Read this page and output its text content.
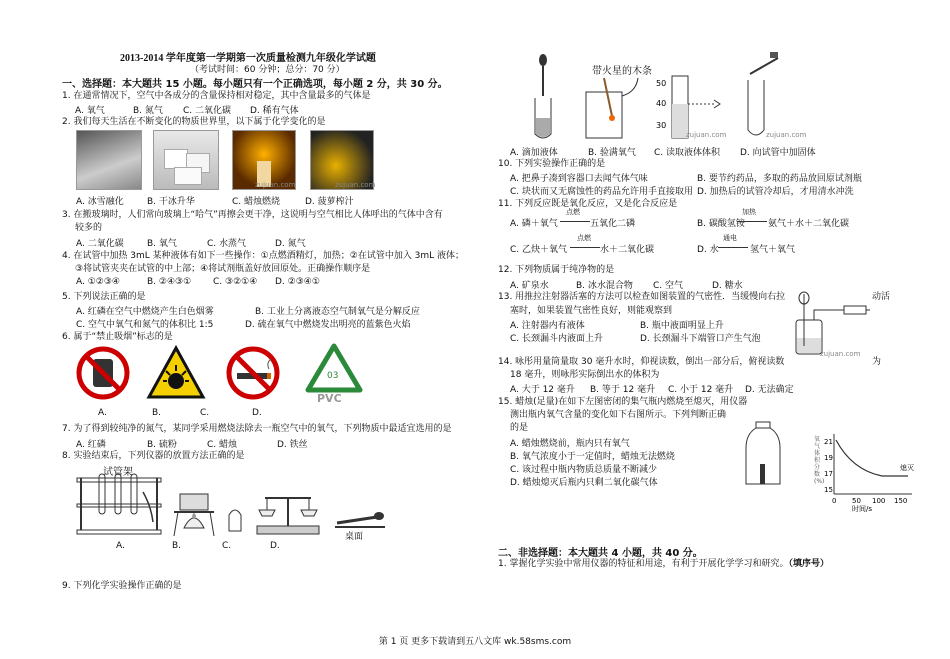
2013-2014 学年度第一学期第一次质量检测九年级化学试题
（考试时间：60 分钟；总分：70 分）
一、选择题：本大题共 15 小题。每小题只有一个正确选项，每小题 2 分，共 30 分。
1. 在通常情况下，空气中各成分的含量保持相对稳定，其中含量最多的气体是
A. 氧气	B. 氮气 C. 二氧化碳 D. 稀有气体
2. 我们每天生活在不断变化的物质世界里，以下属于化学变化的是
zujuan.com	zujuan.com
A. 冰雪融化	B. 干冰升华	C. 蜡烛燃烧	D. 菠萝榨汁
3. 在搬玻璃时，人们常向玻璃上“哈气”再擦会更干净，这说明与空气相比人体呼出的气体中含有
较多的
A. 二氧化碳	B. 氧气	C. 水蒸气	D. 氮气
4. 在试管中加热 3mL 某种液体有如下一些操作：①点燃酒精灯，加热；②在试管中加入 3mL 液体；
③将试管夹夹在试管的中上部；④将试剂瓶盖好放回原处。正确操作顺序是
A. ①②③④	B. ②④③① C. ③②①④ D. ②③④①
5. 下列说法正确的是
A. 红磷在空气中燃烧产生白色烟雾	B. 工业上分离液态空气制氧气是分解反应
C. 空气中氧气和氮气的体积比 1:5	D. 硫在氧气中燃烧发出明亮的蓝紫色火焰
6. 属于“禁止吸烟”标志的是
03
PVC
A.	B.	C.	D.
7. 为了得到较纯净的氮气，某同学采用燃烧法除去一瓶空气中的氧气，下列物质中最适宜选用的是
A. 红磷	B. 硫粉	C. 蜡烛	D. 铁丝
8. 实验结束后，下列仪器的放置方法正确的是
试管架
桌面
A.	B.	C.	D.
9. 下列化学实验操作正确的是
带火星的木条
50
40
30
zujuan.com	zujuan.com
A. 滴加液体	B. 验满氧气 C. 读取液体体积 D. 向试管中加固体
10. 下列实验操作正确的是
A. 把鼻子凑到容器口去闻气体气味	B. 要节约药品，多取的药品放回原试剂瓶
C. 块状而又无腐蚀性的药品允许用手直接取用 D. 加热后的试管冷却后，才用清水冲洗
11. 下列反应既是氧化反应，又是化合反应是
A. 磷＋氧气
点燃
五氧化二磷	B. 碳酸氢铵
加热
氨气＋水＋二氧化碳
C. 乙炔＋氧气
点燃
水＋二氧化碳	D. 水
通电
氢气＋氧气
12. 下列物质属于纯净物的是
A. 矿泉水	B. 冰水混合物 C. 空气	D. 糖水
13. 用推拉注射器活塞的方法可以检查如图装置的气密性．当缓慢向右拉	动活
塞时，如果装置气密性良好，则能观察到
A. 注射器内有液体	B. 瓶中液面明显上升
C. 长颈漏斗内液面上升	D. 长颈漏斗下端管口产生气泡
zujuan.com
14. 咏彤用量筒量取 30 毫升水时，仰视读数，倒出一部分后，俯视读数	为
18 毫升，则咏彤实际倒出水的体积为
A. 大于 12 毫升 B. 等于 12 毫升 C. 小于 12 毫升 D. 无法确定
15. 蜡烛(足量)在如下左图密闭的集气瓶内燃烧至熄灭，用仪器
测出瓶内氧气含量的变化如下右图所示。下列判断正确
的是
A. 蜡烛燃烧前，瓶内只有氧气
B. 氧气浓度小于一定值时，蜡烛无法燃烧
C. 该过程中瓶内物质总质量不断减少
D. 蜡烛熄灭后瓶内只剩二氧化碳气体
21
19
17
15
0 50 100 150
时间/s
熄灭
氧气体积分数(%)
二、非选择题：本大题共 4 小题，共 40 分。
1. 掌握化学实验中常用仪器的特征和用途，有利于开展化学学习和研究。（填序号）
第 1 页 更多下载请到五八文库 wk.58sms.com
